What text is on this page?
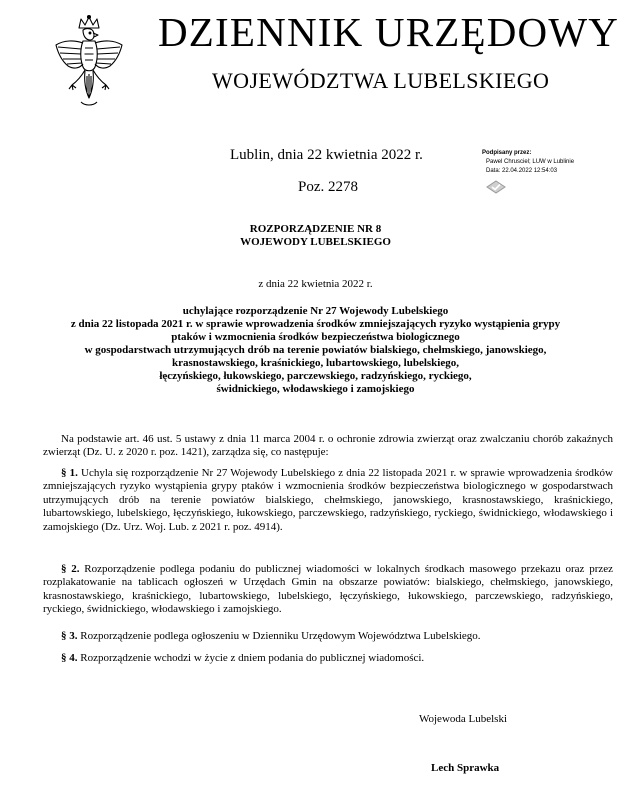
DZIENNIK URZĘDOWY
WOJEWÓDZTWA LUBELSKIEGO
Lublin, dnia 22 kwietnia 2022 r.
Poz. 2278
Podpisany przez:
Pawel Chrusciel; LUW w Lublinie
Data: 22.04.2022 12:54:03
ROZPORZĄDZENIE NR 8
WOJEWODY LUBELSKIEGO
z dnia 22 kwietnia 2022 r.
uchylające rozporządzenie Nr 27 Wojewody Lubelskiego
z dnia 22 listopada 2021 r. w sprawie wprowadzenia środków zmniejszających ryzyko wystąpienia grypy
ptaków i wzmocnienia środków bezpieczeństwa biologicznego
w gospodarstwach utrzymujących drób na terenie powiatów bialskiego, chełmskiego, janowskiego,
krasnostawskiego, kraśnickiego, lubartowskiego, lubelskiego,
łęczyńskiego, łukowskiego, parczewskiego, radzyńskiego, ryckiego,
świdnickiego, włodawskiego i zamojskiego
Na podstawie art. 46 ust. 5 ustawy z dnia 11 marca 2004 r. o ochronie zdrowia zwierząt oraz zwalczaniu chorób zakaźnych zwierząt (Dz. U. z 2020 r. poz. 1421), zarządza się, co następuje:
§ 1. Uchyla się rozporządzenie Nr 27 Wojewody Lubelskiego z dnia 22 listopada 2021 r. w sprawie wprowadzenia środków zmniejszających ryzyko wystąpienia grypy ptaków i wzmocnienia środków bezpieczeństwa biologicznego w gospodarstwach utrzymujących drób na terenie powiatów bialskiego, chełmskiego, janowskiego, krasnostawskiego, kraśnickiego, lubartowskiego, lubelskiego, łęczyńskiego, łukowskiego, parczewskiego, radzyńskiego, ryckiego, świdnickiego, włodawskiego i zamojskiego (Dz. Urz. Woj. Lub. z 2021 r. poz. 4914).
§ 2. Rozporządzenie podlega podaniu do publicznej wiadomości w lokalnych środkach masowego przekazu oraz przez rozplakatowanie na tablicach ogłoszeń w Urzędach Gmin na obszarze powiatów: bialskiego, chełmskiego, janowskiego, krasnostawskiego, kraśnickiego, lubartowskiego, lubelskiego, łęczyńskiego, łukowskiego, parczewskiego, radzyńskiego, ryckiego, świdnickiego, włodawskiego i zamojskiego.
§ 3. Rozporządzenie podlega ogłoszeniu w Dzienniku Urzędowym Województwa Lubelskiego.
§ 4. Rozporządzenie wchodzi w życie z dniem podania do publicznej wiadomości.
Wojewoda Lubelski
Lech Sprawka
